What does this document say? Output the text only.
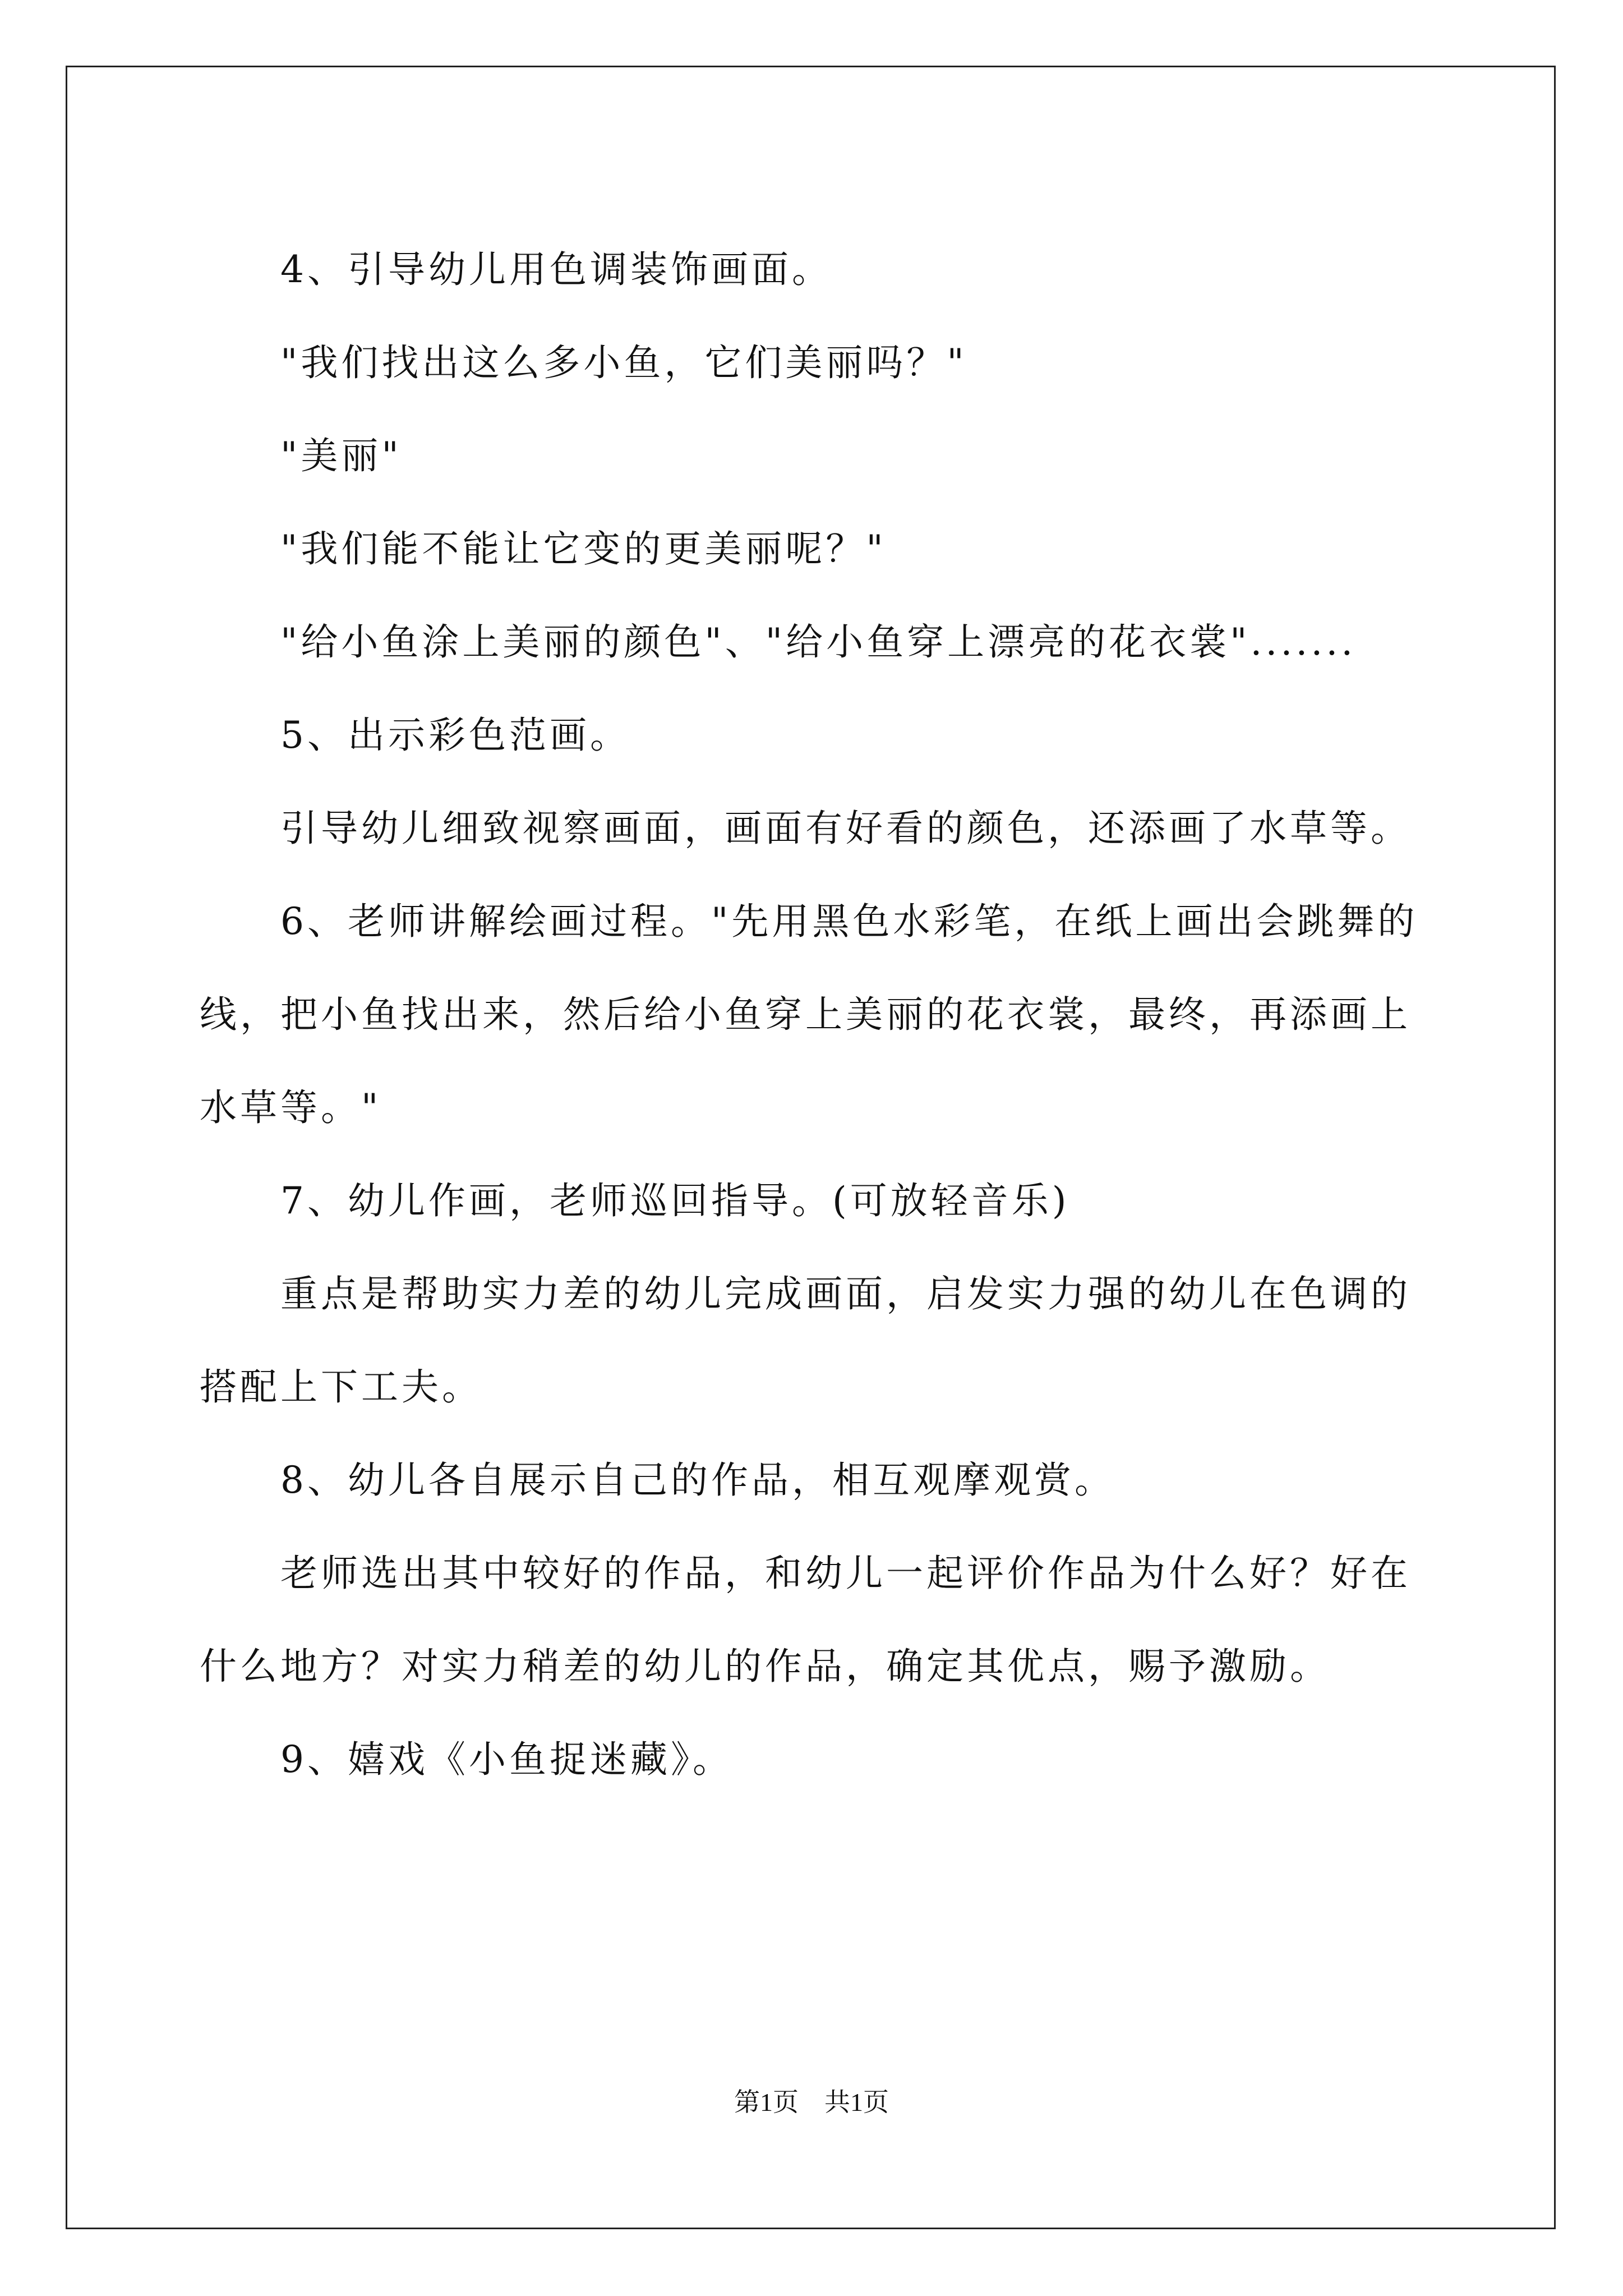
4、引导幼儿用色调装饰画面。

"我们找出这么多小鱼，它们美丽吗？"

"美丽"

"我们能不能让它变的更美丽呢？"

"给小鱼涂上美丽的颜色"、"给小鱼穿上漂亮的花衣裳".......

5、出示彩色范画。

引导幼儿细致视察画面，画面有好看的颜色，还添画了水草等。

6、老师讲解绘画过程。"先用黑色水彩笔，在纸上画出会跳舞的线，把小鱼找出来，然后给小鱼穿上美丽的花衣裳，最终，再添画上水草等。"

7、幼儿作画，老师巡回指导。(可放轻音乐)

重点是帮助实力差的幼儿完成画面，启发实力强的幼儿在色调的搭配上下工夫。

8、幼儿各自展示自己的作品，相互观摩观赏。

老师选出其中较好的作品，和幼儿一起评价作品为什么好？好在什么地方？对实力稍差的幼儿的作品，确定其优点，赐予激励。

9、嬉戏《小鱼捉迷藏》。

第1页 共1页
